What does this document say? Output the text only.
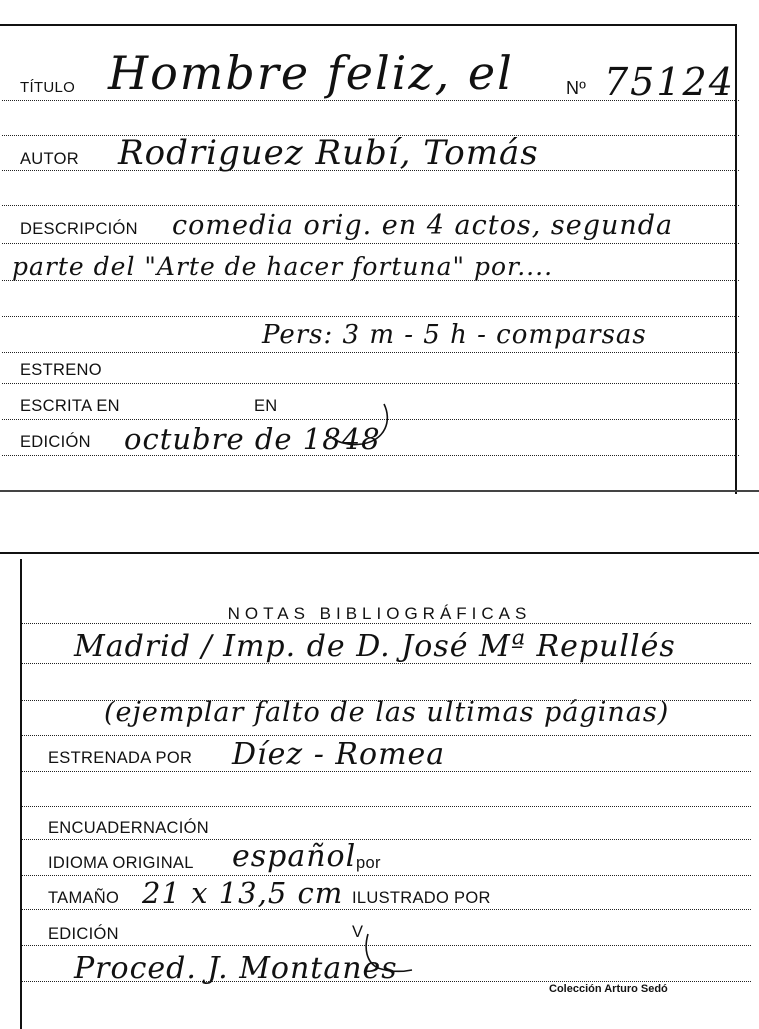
TÍTULO Hombre feliz, el	Nº 75124
AUTOR Rodriguez Rubí, Tomás
DESCRIPCIÓN comedia orig. en 4 actos, segunda
parte del "Arte de hacer fortuna" por....
Pers: 3 m - 5 h - comparsas
ESTRENO
ESCRITA EN	EN
EDICIÓN octubre de 1848
NOTAS BIBLIOGRÁFICAS
Madrid / Imp. de D. José Mª Repullés
(ejemplar falto de las ultimas páginas)
ESTRENADA POR Díez - Romea
ENCUADERNACIÓN
IDIOMA ORIGINAL español por
TAMAÑO 21 x 13,5 cm ILUSTRADO POR
EDICIÓN	V
Proced. J. Montanes
Colección Arturo Sedó
